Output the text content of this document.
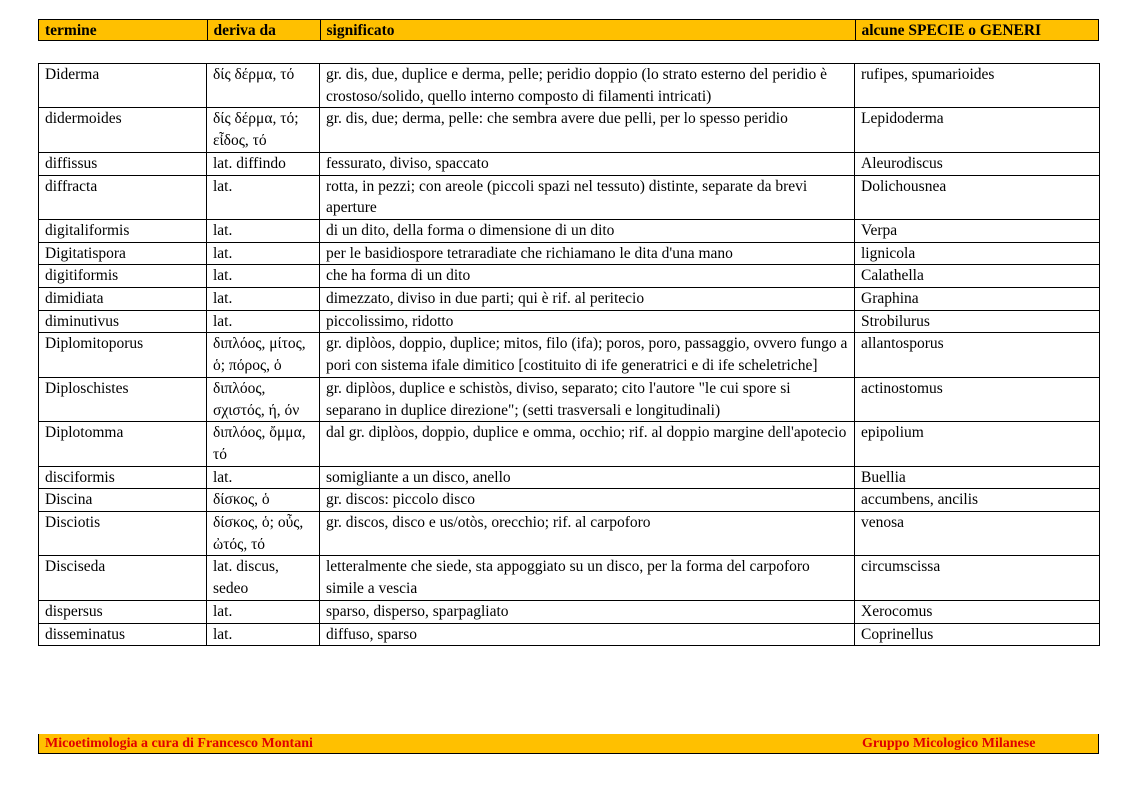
termine	deriva da	significato	alcune SPECIE o GENERI
Diderma	δίς δέρμα, τό	gr. dis, due, duplice e derma, pelle; peridio doppio (lo strato esterno del peridio è crostoso/solido, quello interno composto di filamenti intricati)	rufipes, spumarioides
didermoides	δίς δέρμα, τό; εἶδος, τό	gr. dis, due; derma, pelle: che sembra avere due pelli, per lo spesso peridio	Lepidoderma
diffissus	lat. diffindo	fessurato, diviso, spaccato	Aleurodiscus
diffracta	lat.	rotta, in pezzi; con areole (piccoli spazi nel tessuto) distinte, separate da brevi aperture	Dolichousnea
digitaliformis	lat.	di un dito, della forma o dimensione di un dito	Verpa
Digitatispora	lat.	per le basidiospore tetraradiate che richiamano le dita d'una mano	lignicola
digitiformis	lat.	che ha forma di un dito	Calathella
dimidiata	lat.	dimezzato, diviso in due parti; qui è rif. al peritecio	Graphina
diminutivus	lat.	piccolissimo, ridotto	Strobilurus
Diplomitoporus	διπλόος, μίτος, ὁ; πόρος, ὁ	gr. diplòos, doppio, duplice; mitos, filo (ifa); poros, poro, passaggio, ovvero fungo a pori con sistema ifale dimitico [costituito di ife generatrici e di ife scheletriche]	allantosporus
Diploschistes	διπλόος, σχιστός, ή, όν	gr. diplòos, duplice e schistòs, diviso, separato; cito l'autore "le cui spore si separano in duplice direzione"; (setti trasversali e longitudinali)	actinostomus
Diplotomma	διπλόος, ὄμμα, τό	dal gr. diplòos, doppio, duplice e omma, occhio; rif. al doppio margine dell'apotecio	epipolium
disciformis	lat.	somigliante a un disco, anello	Buellia
Discina	δίσκος, ὁ	gr. discos: piccolo disco	accumbens, ancilis
Disciotis	δίσκος, ὁ; οὖς, ὠτός, τό	gr. discos, disco e us/otòs, orecchio; rif. al carpoforo	venosa
Disciseda	lat. discus, sedeo	letteralmente che siede, sta appoggiato su un disco, per la forma del carpoforo simile a vescia	circumscissa
dispersus	lat.	sparso, disperso, sparpagliato	Xerocomus
disseminatus	lat.	diffuso, sparso	Coprinellus
Micoetimologia a cura di Francesco Montani	Gruppo Micologico Milanese
